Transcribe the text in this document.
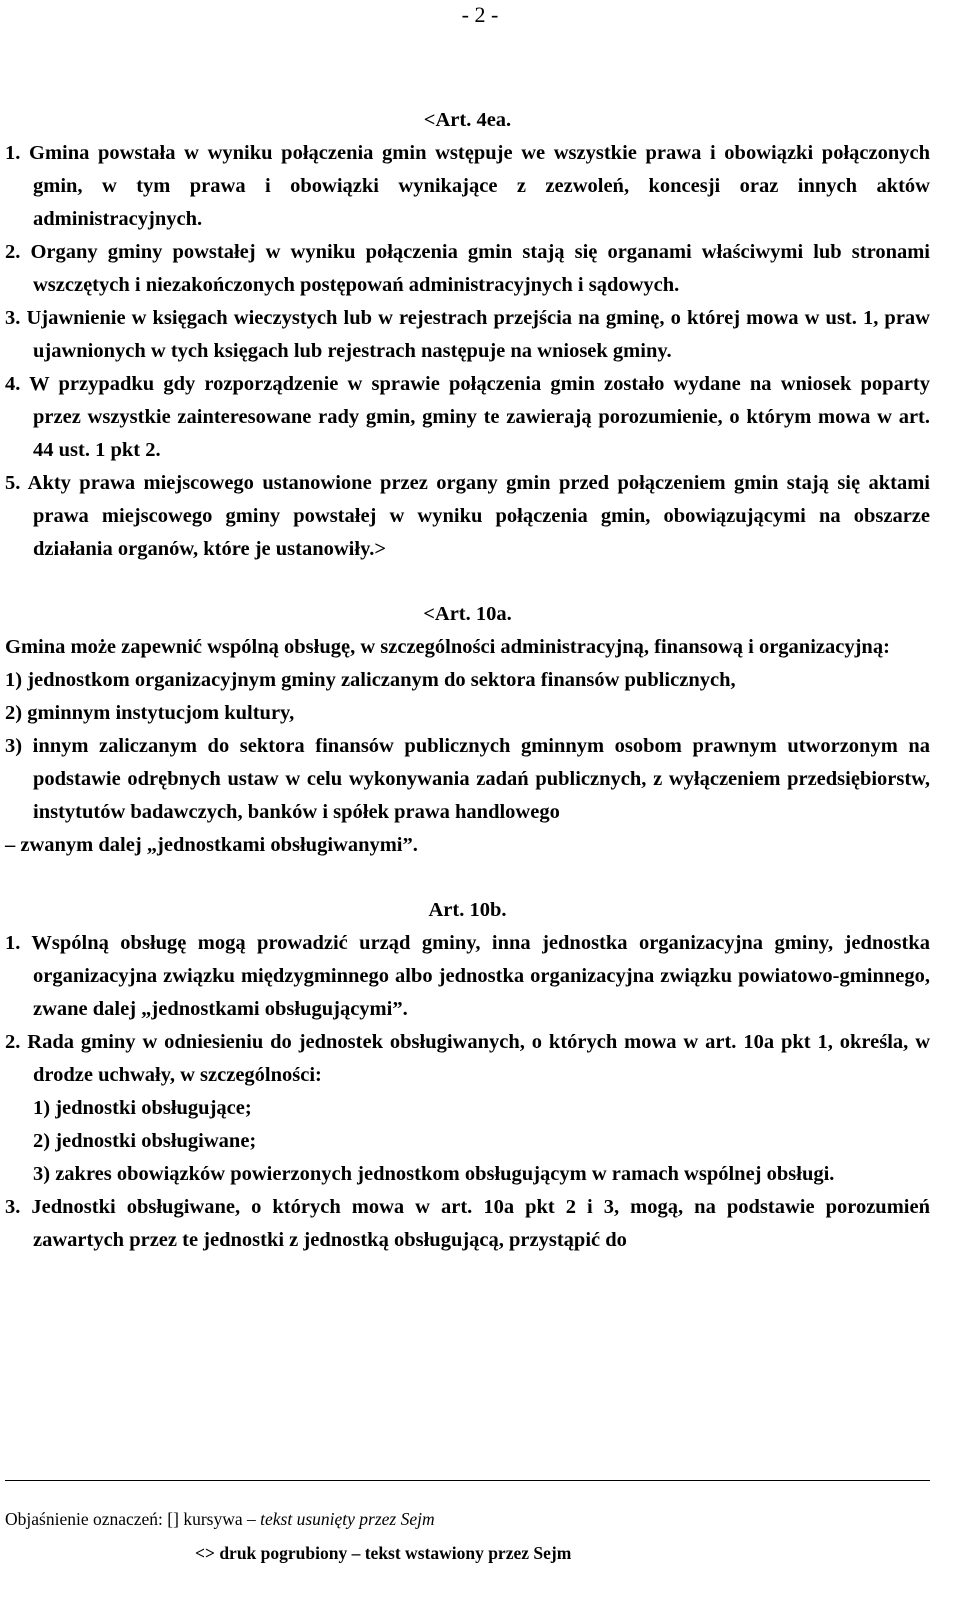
- 2 -

<Art. 4ea.

1. Gmina powstała w wyniku połączenia gmin wstępuje we wszystkie prawa i obowiązki połączonych gmin, w tym prawa i obowiązki wynikające z zezwoleń, koncesji oraz innych aktów administracyjnych.

2. Organy gminy powstałej w wyniku połączenia gmin stają się organami właściwymi lub stronami wszczętych i niezakończonych postępowań administracyjnych i sądowych.

3. Ujawnienie w księgach wieczystych lub w rejestrach przejścia na gminę, o której mowa w ust. 1, praw ujawnionych w tych księgach lub rejestrach następuje na wniosek gminy.

4. W przypadku gdy rozporządzenie w sprawie połączenia gmin zostało wydane na wniosek poparty przez wszystkie zainteresowane rady gmin, gminy te zawierają porozumienie, o którym mowa w art. 44 ust. 1 pkt 2.

5. Akty prawa miejscowego ustanowione przez organy gmin przed połączeniem gmin stają się aktami prawa miejscowego gminy powstałej w wyniku połączenia gmin, obowiązującymi na obszarze działania organów, które je ustanowiły.>

<Art. 10a.

Gmina może zapewnić wspólną obsługę, w szczególności administracyjną, finansową i organizacyjną:

1) jednostkom organizacyjnym gminy zaliczanym do sektora finansów publicznych,

2) gminnym instytucjom kultury,

3) innym zaliczanym do sektora finansów publicznych gminnym osobom prawnym utworzonym na podstawie odrębnych ustaw w celu wykonywania zadań publicznych, z wyłączeniem przedsiębiorstw, instytutów badawczych, banków i spółek prawa handlowego

– zwanym dalej „jednostkami obsługiwanymi”.

Art. 10b.

1. Wspólną obsługę mogą prowadzić urząd gminy, inna jednostka organizacyjna gminy, jednostka organizacyjna związku międzygminnego albo jednostka organizacyjna związku powiatowo-gminnego, zwane dalej „jednostkami obsługującymi”.

2. Rada gminy w odniesieniu do jednostek obsługiwanych, o których mowa w art. 10a pkt 1, określa, w drodze uchwały, w szczególności:

1) jednostki obsługujące;

2) jednostki obsługiwane;

3) zakres obowiązków powierzonych jednostkom obsługującym w ramach wspólnej obsługi.

3. Jednostki obsługiwane, o których mowa w art. 10a pkt 2 i 3, mogą, na podstawie porozumień zawartych przez te jednostki z jednostką obsługującą, przystąpić do

Objaśnienie oznaczeń: [] kursywa – tekst usunięty przez Sejm
<> druk pogrubiony – tekst wstawiony przez Sejm
